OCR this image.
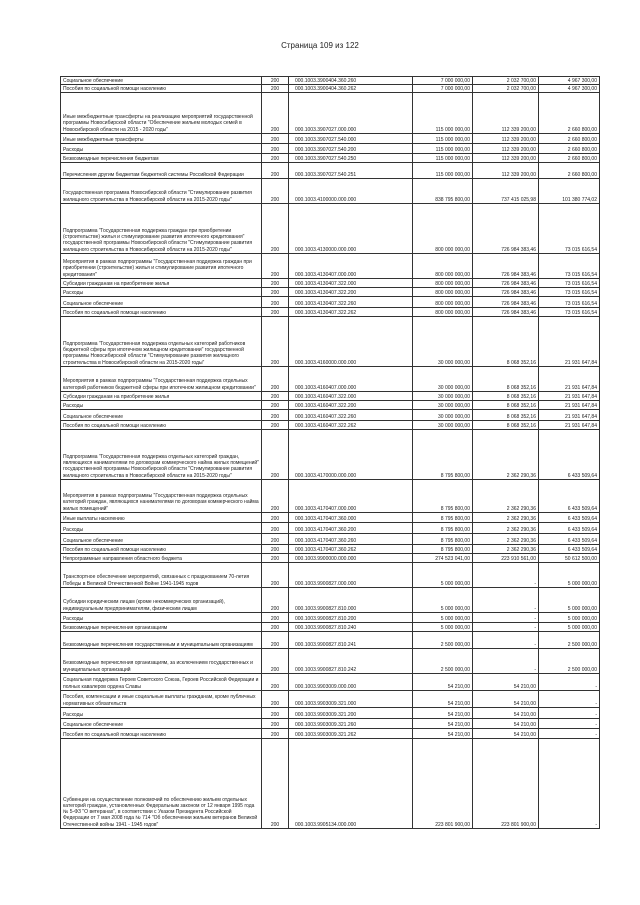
Страница 109 из 122
Социальное обеспечение	200	000.1003.3900404.360.260	7 000 000,00	2 032 700,00	4 967 300,00
Пособия по социальной помощи населению	200	000.1003.3900404.360.262	7 000 000,00	2 032 700,00	4 967 300,00
Иные межбюджетные трансферты на реализацию мероприятий государственной программы Новосибирской области "Обеспечение жильем молодых семей в Новосибирской области на 2015 - 2020 годы"	200	000.1003.3907027.000.000	115 000 000,00	112 339 200,00	2 660 800,00
Иные межбюджетные трансферты	200	000.1003.3907027.540.000	115 000 000,00	112 339 200,00	2 660 800,00
Расходы	200	000.1003.3907027.540.200	115 000 000,00	112 339 200,00	2 660 800,00
Безвозмездные перечисления бюджетам	200	000.1003.3907027.540.250	115 000 000,00	112 339 200,00	2 660 800,00
Перечисления другим бюджетам бюджетной системы Российской Федерации	200	000.1003.3907027.540.251	115 000 000,00	112 339 200,00	2 660 800,00
Государственная программа Новосибирской области "Стимулирование развития жилищного строительства в Новосибирской области на 2015-2020 годы"	200	000.1003.4100000.000.000	838 795 800,00	737 415 025,98	101 380 774,02
Подпрограмма "Государственная поддержка граждан при приобретении (строительстве) жилья и стимулирование развития ипотечного кредитования" государственной программы Новосибирской области "Стимулирование развития жилищного строительства в Новосибирской области на 2015-2020 годы"	200	000.1003.4130000.000.000	800 000 000,00	726 984 383,46	73 015 616,54
Мероприятия в рамках подпрограммы "Государственная поддержка граждан при приобретении (строительстве) жилья и стимулирование развития ипотечного кредитования"	200	000.1003.4130407.000.000	800 000 000,00	726 984 383,46	73 015 616,54
Субсидии гражданам на приобретение жилья	200	000.1003.4130407.322.000	800 000 000,00	726 984 383,46	73 015 616,54
Расходы	200	000.1003.4130407.322.200	800 000 000,00	726 984 383,46	73 015 616,54
Социальное обеспечение	200	000.1003.4130407.322.260	800 000 000,00	726 984 383,46	73 015 616,54
Пособия по социальной помощи населению	200	000.1003.4130407.322.262	800 000 000,00	726 984 383,46	73 015 616,54
Подпрограмма "Государственная поддержка отдельных категорий работников бюджетной сферы при ипотечном жилищном кредитовании" государственной программы Новосибирской области "Стимулирование развития жилищного строительства в Новосибирской области на 2015-2020 годы"	200	000.1003.4160000.000.000	30 000 000,00	8 068 352,16	21 931 647,84
Мероприятия в рамках подпрограммы "Государственная поддержка отдельных категорий работников бюджетной сферы при ипотечном жилищном кредитовании"	200	000.1003.4160407.000.000	30 000 000,00	8 068 352,16	21 931 647,84
Субсидии гражданам на приобретение жилья	200	000.1003.4160407.322.000	30 000 000,00	8 068 352,16	21 931 647,84
Расходы	200	000.1003.4160407.322.200	30 000 000,00	8 068 352,16	21 931 647,84
Социальное обеспечение	200	000.1003.4160407.322.260	30 000 000,00	8 068 352,16	21 931 647,84
Пособия по социальной помощи населению	200	000.1003.4160407.322.262	30 000 000,00	8 068 352,16	21 931 647,84
Подпрограмма "Государственная поддержка отдельных категорий граждан, являющихся нанимателями по договорам коммерческого найма жилых помещений" государственной программы Новосибирской области "Стимулирование развития жилищного строительства в Новосибирской области на 2015-2020 годы"	200	000.1003.4170000.000.000	8 795 800,00	2 362 290,36	6 433 509,64
Мероприятия в рамках подпрограммы "Государственная поддержка отдельных категорий граждан, являющихся нанимателями по договорам коммерческого найма жилых помещений"	200	000.1003.4170407.000.000	8 795 800,00	2 362 290,36	6 433 509,64
Иные выплаты населению	200	000.1003.4170407.360.000	8 795 800,00	2 362 290,36	6 433 509,64
Расходы	200	000.1003.4170407.360.200	8 795 800,00	2 362 290,36	6 433 509,64
Социальное обеспечение	200	000.1003.4170407.360.260	8 795 800,00	2 362 290,36	6 433 509,64
Пособия по социальной помощи населению	200	000.1003.4170407.360.262	8 795 800,00	2 362 290,36	6 433 509,64
Непрограммные направления областного бюджета	200	000.1003.9900000.000.000	274 523 041,00	223 910 561,00	50 612 500,00
Транспортное обеспечение мероприятий, связанных с празднованием 70-летия Победы в Великой Отечественной Войне 1941-1945 годов	200	000.1003.9900827.000.000	5 000 000,00	-	5 000 000,00
Субсидии юридическим лицам (кроме некоммерческих организаций), индивидуальным предпринимателям, физическим лицам	200	000.1003.9900827.810.000	5 000 000,00	-	5 000 000,00
Расходы	200	000.1003.9900827.810.200	5 000 000,00	-	5 000 000,00
Безвозмездные перечисления организациям	200	000.1003.9900827.810.240	5 000 000,00	-	5 000 000,00
Безвозмездные перечисления государственным и муниципальным организациям	200	000.1003.9900827.810.241	2 500 000,00	-	2 500 000,00
Безвозмездные перечисления организациям, за исключением государственных и муниципальных организаций	200	000.1003.9900827.810.242	2 500 000,00	-	2 500 000,00
Социальная поддержка Героев Советского Союза, Героев Российской Федерации и полных кавалеров ордена Славы	200	000.1003.9903009.000.000	54 210,00	54 210,00	-
Пособия, компенсации и иные социальные выплаты гражданам, кроме публичных нормативных обязательств	200	000.1003.9903009.321.000	54 210,00	54 210,00	-
Расходы	200	000.1003.9903009.321.200	54 210,00	54 210,00	-
Социальное обеспечение	200	000.1003.9903009.321.260	54 210,00	54 210,00	-
Пособия по социальной помощи населению	200	000.1003.9903009.321.262	54 210,00	54 210,00	-
Субвенции на осуществление полномочий по обеспечению жильем отдельных категорий граждан, установленных Федеральным законом от 12 января 1995 года № 5-ФЗ "О ветеранах", в соответствии с Указом Президента Российской Федерации от 7 мая 2008 года № 714 "Об обеспечении жильем ветеранов Великой Отечественной войны 1941 - 1945 годов"	200	000.1003.9905134.000.000	223 801 900,00	223 801 900,00	-
